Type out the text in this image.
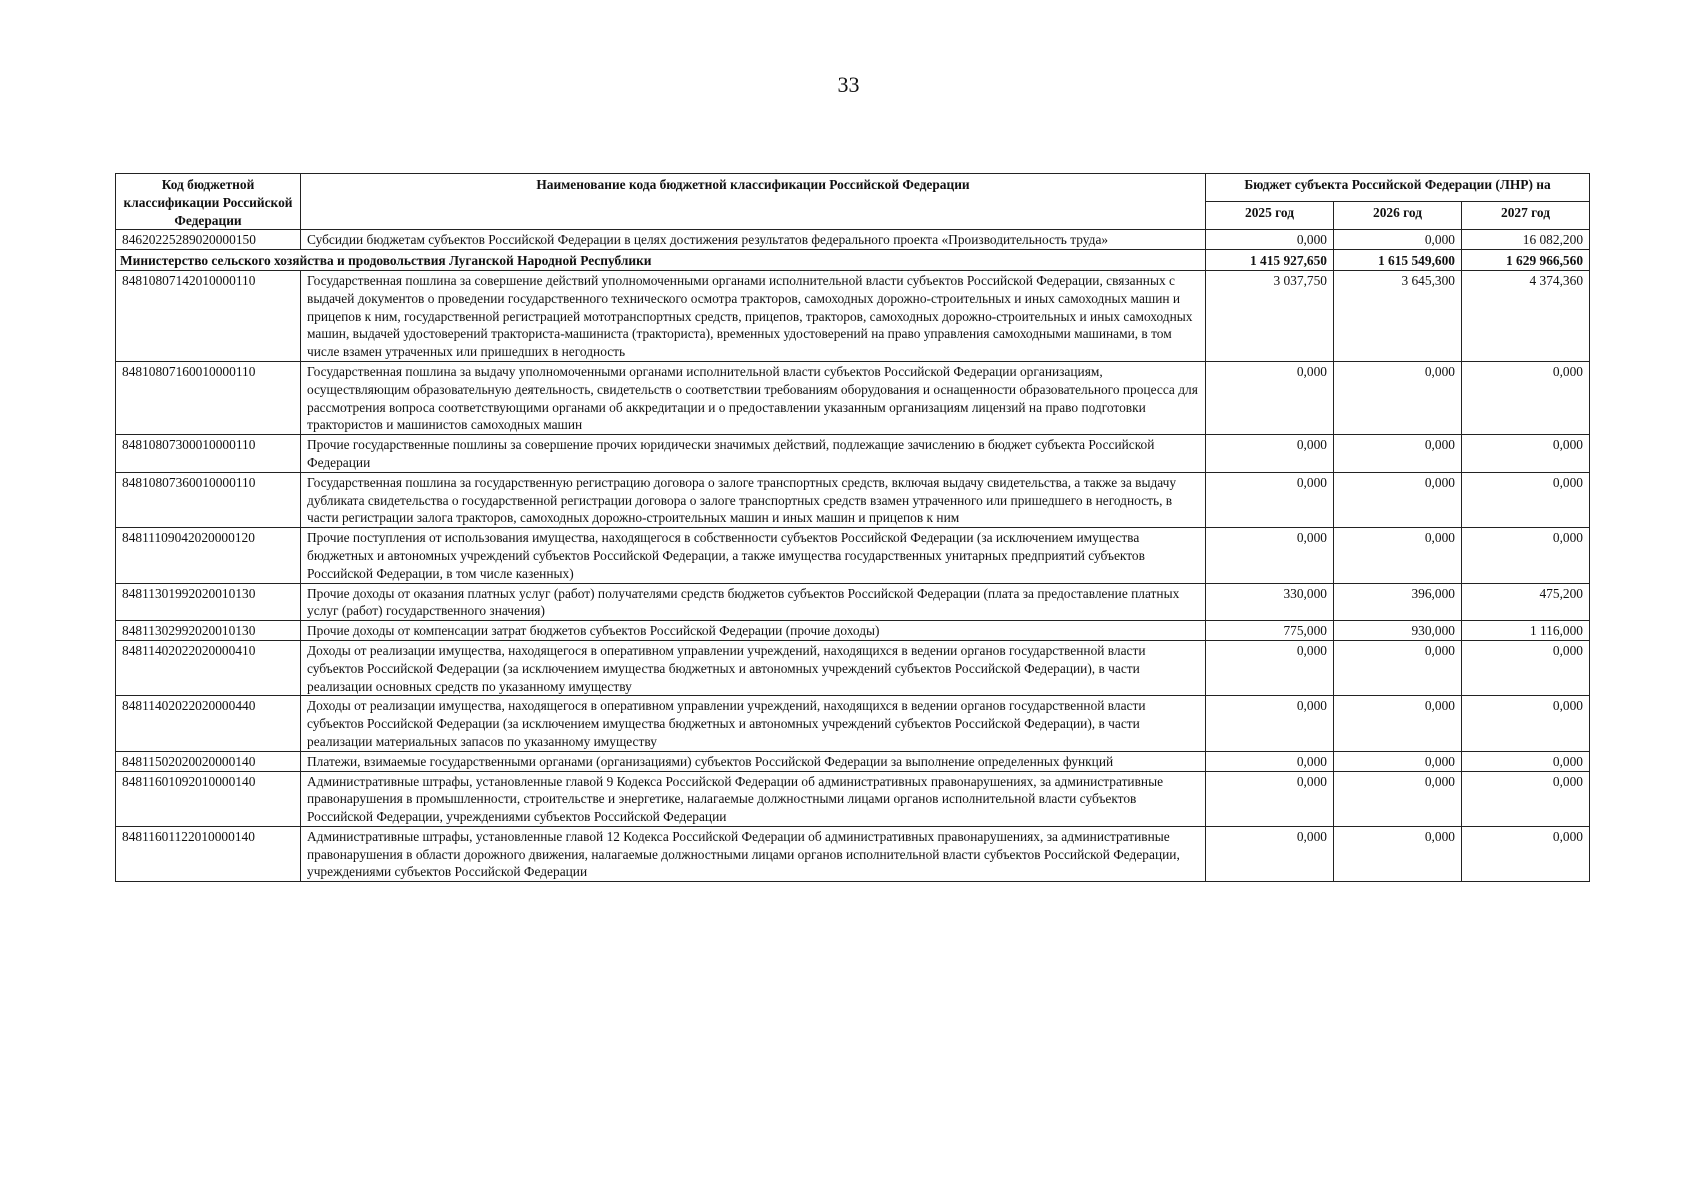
33
Код бюджетной классификации Российской Федерации	Наименование кода бюджетной классификации Российской Федерации	Бюджет субъекта Российской Федерации (ЛНР) на		
		2025 год	2026 год	2027 год
84620225289020000150	Субсидии бюджетам субъектов Российской Федерации в целях достижения результатов федерального проекта «Производительность труда»	0,000	0,000	16 082,200
Министерство сельского хозяйства и продовольствия Луганской Народной Республики		1 415 927,650	1 615 549,600	1 629 966,560
84810807142010000110	Государственная пошлина за совершение действий уполномоченными органами исполнительной власти субъектов Российской Федерации, связанных с выдачей документов о проведении государственного технического осмотра тракторов, самоходных дорожно-строительных и иных самоходных машин и прицепов к ним, государственной регистрацией мототранспортных средств, прицепов, тракторов, самоходных дорожно-строительных и иных самоходных машин, выдачей удостоверений тракториста-машиниста (тракториста), временных удостоверений на право управления самоходными машинами, в том числе взамен утраченных или пришедших в негодность	3 037,750	3 645,300	4 374,360
84810807160010000110	Государственная пошлина за выдачу уполномоченными органами исполнительной власти субъектов Российской Федерации организациям, осуществляющим образовательную деятельность, свидетельств о соответствии требованиям оборудования и оснащенности образовательного процесса для рассмотрения вопроса соответствующими органами об аккредитации и о предоставлении указанным организациям лицензий на право подготовки трактористов и машинистов самоходных машин	0,000	0,000	0,000
84810807300010000110	Прочие государственные пошлины за совершение прочих юридически значимых действий, подлежащие зачислению в бюджет субъекта Российской Федерации	0,000	0,000	0,000
84810807360010000110	Государственная пошлина за государственную регистрацию договора о залоге транспортных средств, включая выдачу свидетельства, а также за выдачу дубликата свидетельства о государственной регистрации договора о залоге транспортных средств взамен утраченного или пришедшего в негодность, в части регистрации залога тракторов, самоходных дорожно-строительных машин и иных машин и прицепов к ним	0,000	0,000	0,000
84811109042020000120	Прочие поступления от использования имущества, находящегося в собственности субъектов Российской Федерации (за исключением имущества бюджетных и автономных учреждений субъектов Российской Федерации, а также имущества государственных унитарных предприятий субъектов Российской Федерации, в том числе казенных)	0,000	0,000	0,000
84811301992020010130	Прочие доходы от оказания платных услуг (работ) получателями средств бюджетов субъектов Российской Федерации (плата за предоставление платных услуг (работ) государственного значения)	330,000	396,000	475,200
84811302992020010130	Прочие доходы от компенсации затрат бюджетов субъектов Российской Федерации (прочие доходы)	775,000	930,000	1 116,000
84811402022020000410	Доходы от реализации имущества, находящегося в оперативном управлении учреждений, находящихся в ведении органов государственной власти субъектов Российской Федерации (за исключением имущества бюджетных и автономных учреждений субъектов Российской Федерации), в части реализации основных средств по указанному имуществу	0,000	0,000	0,000
84811402022020000440	Доходы от реализации имущества, находящегося в оперативном управлении учреждений, находящихся в ведении органов государственной власти субъектов Российской Федерации (за исключением имущества бюджетных и автономных учреждений субъектов Российской Федерации), в части реализации материальных запасов по указанному имуществу	0,000	0,000	0,000
84811502020020000140	Платежи, взимаемые государственными органами (организациями) субъектов Российской Федерации за выполнение определенных функций	0,000	0,000	0,000
84811601092010000140	Административные штрафы, установленные главой 9 Кодекса Российской Федерации об административных правонарушениях, за административные правонарушения в промышленности, строительстве и энергетике, налагаемые должностными лицами органов исполнительной власти субъектов Российской Федерации, учреждениями субъектов Российской Федерации	0,000	0,000	0,000
84811601122010000140	Административные штрафы, установленные главой 12 Кодекса Российской Федерации об административных правонарушениях, за административные правонарушения в области дорожного движения, налагаемые должностными лицами органов исполнительной власти субъектов Российской Федерации, учреждениями субъектов Российской Федерации	0,000	0,000	0,000
